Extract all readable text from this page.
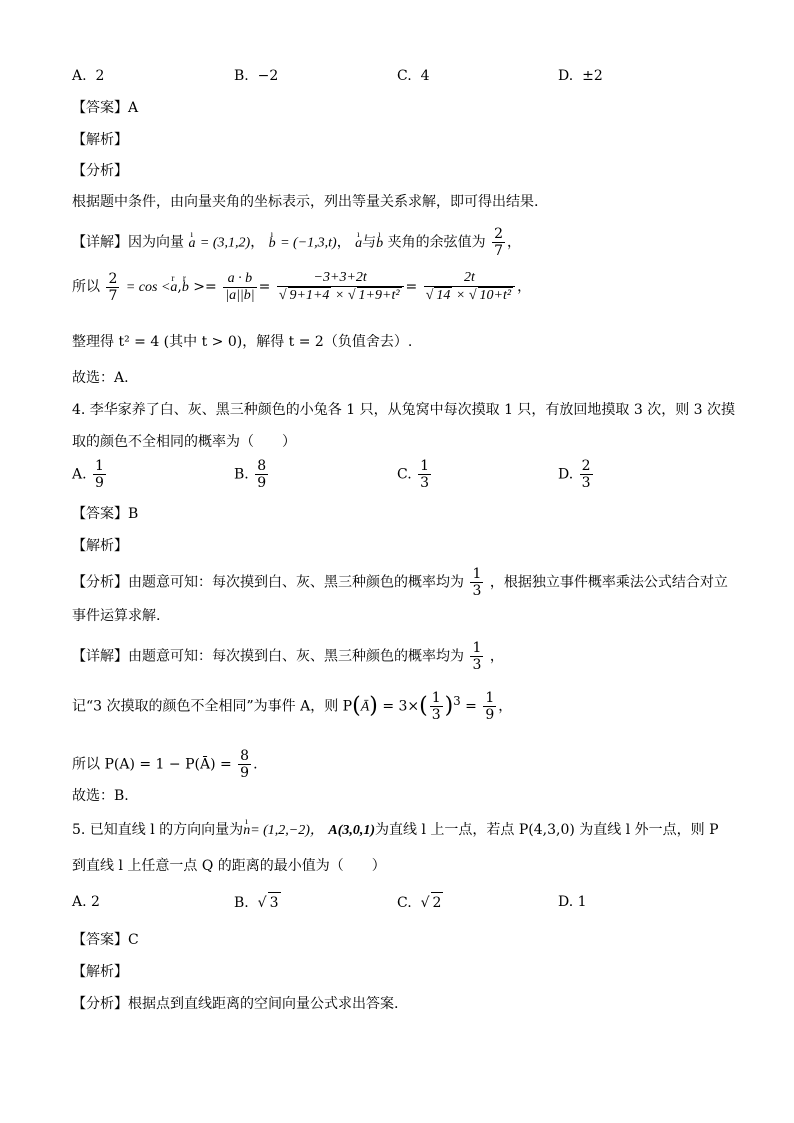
A. 2	B. −2	C. 4	D. ±2
【答案】A
【解析】
【分析】
根据题中条件，由向量夹角的坐标表示，列出等量关系求解，即可得出结果.
【详解】因为向量 ı a = (3,1,2)， ı b = (−1,3,t)， ı a与ı b 夹角的余弦值为 $\frac{2}{7}$ ，
所以 $\frac{2}{7} = \cos <r$ a,r $b >= \frac{a \cdot b}{|a||b|} = \frac{-3+3+2t}{\text{√ 9+1+4 × √ 1+9+t²}} = \frac{2t}{\text{√ 14 × √ 10+t²}}$ ，
整理得 t² = 4 (其中 t > 0)，解得 t = 2（负值舍去）.
故选：A.
4. 李华家养了白、灰、黑三种颜色的小兔各 1 只，从兔窝中每次摸取 1 只，有放回地摸取 3 次，则 3 次摸
取的颜色不全相同的概率为（　　）
A. $\frac{1}{9}$	B. $\frac{8}{9}$	C. $\frac{1}{3}$	D. $\frac{2}{3}$
【答案】B
【解析】
【分析】由题意可知：每次摸到白、灰、黑三种颜色的概率均为 $\frac{1}{3}$ ，根据独立事件概率乘法公式结合对立
事件运算求解.
【详解】由题意可知：每次摸到白、灰、黑三种颜色的概率均为 $\frac{1}{3}$ ，
记“3 次摸取的颜色不全相同”为事件 A，则 P(Ā) = $3\times( \frac{1}{3} )^3 = \frac{1}{9}$ ，
所以 P(A) = 1 − P(Ā) = $\frac{8}{9}$ .
故选：B.
5. 已知直线 l 的方向向量为ı n= (1,2,−2)， A(3,0,1)为直线 l 上一点，若点 P(4,3,0) 为直线 l 外一点，则 P
到直线 l 上任意一点 Q 的距离的最小值为（　　）
A. 2	B.  √ 3	C.  √ 2	D. 1
【答案】C
【解析】
【分析】根据点到直线距离的空间向量公式求出答案.
